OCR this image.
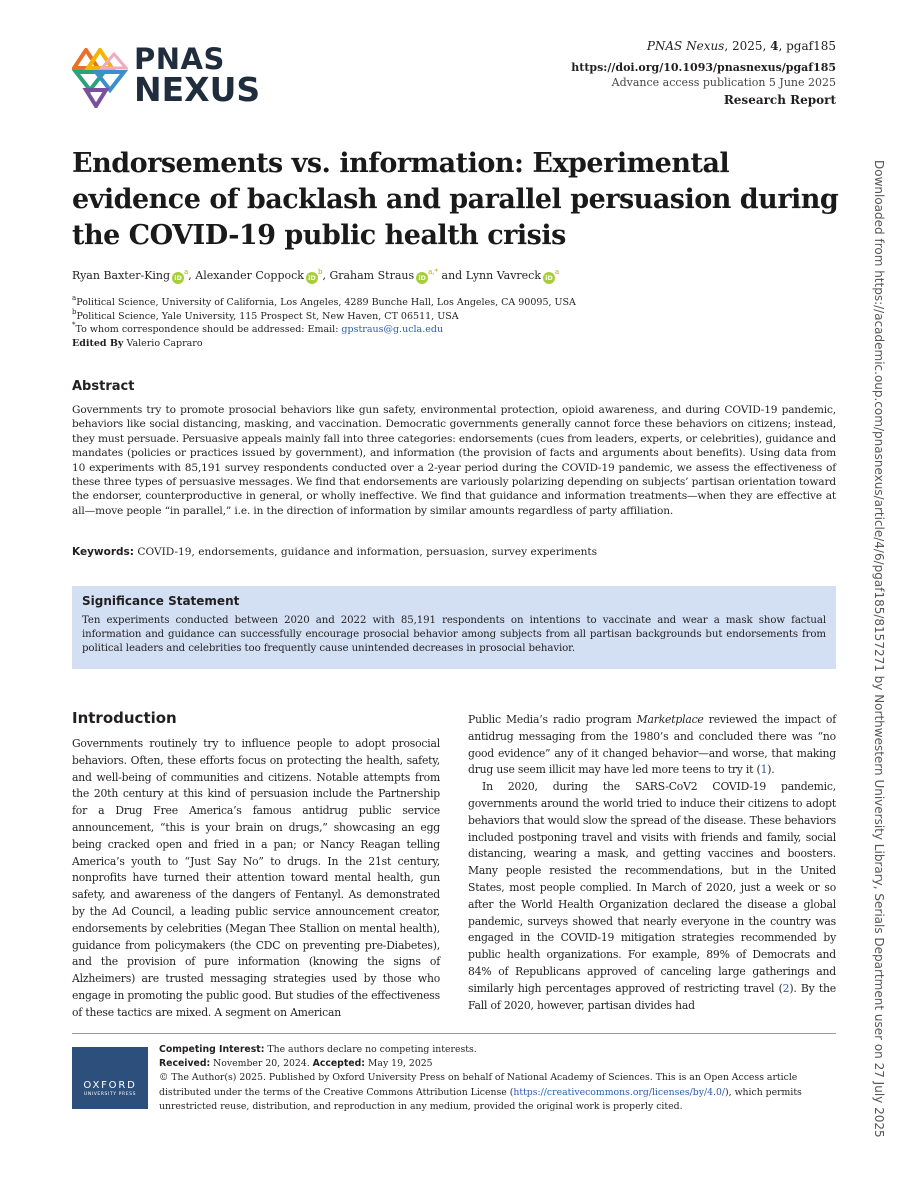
PNAS
NEXUS
PNAS Nexus, 2025, 4, pgaf185
https://doi.org/10.1093/pnasnexus/pgaf185
Advance access publication 5 June 2025
Research Report
Downloaded from https://academic.oup.com/pnasnexus/article/4/6/pgaf185/8157271 by Northwestern University Library, Serials Department user on 27 July 2025
Endorsements vs. information: Experimental evidence of backlash and parallel persuasion during the COVID-19 public health crisis
Ryan Baxter-King $iD^a$, Alexander Coppock $iD^b$, Graham Straus $iD^{a,*}$ and Lynn Vavreck $iD^a$
$^a$Political Science, University of California, Los Angeles, 4289 Bunche Hall, Los Angeles, CA 90095, USA
$^b$Political Science, Yale University, 115 Prospect St, New Haven, CT 06511, USA
*To whom correspondence should be addressed: Email: gpstraus@g.ucla.edu
Edited By Valerio Capraro
Abstract

Governments try to promote prosocial behaviors like gun safety, environmental protection, opioid awareness, and during COVID-19 pandemic, behaviors like social distancing, masking, and vaccination. Democratic governments generally cannot force these behaviors on citizens; instead, they must persuade. Persuasive appeals mainly fall into three categories: endorsements (cues from leaders, experts, or celebrities), guidance and mandates (policies or practices issued by government), and information (the provision of facts and arguments about benefits). Using data from 10 experiments with 85,191 survey respondents conducted over a 2-year period during the COVID-19 pandemic, we assess the effectiveness of these three types of persuasive messages. We find that endorsements are variously polarizing depending on subjects’ partisan orientation toward the endorser, counterproductive in general, or wholly ineffective. We find that guidance and information treatments—when they are effective at all—move people “in parallel,” i.e. in the direction of information by similar amounts regardless of party affiliation.

Keywords: COVID-19, endorsements, guidance and information, persuasion, survey experiments
Significance Statement
Ten experiments conducted between 2020 and 2022 with 85,191 respondents on intentions to vaccinate and wear a mask show factual information and guidance can successfully encourage prosocial behavior among subjects from all partisan backgrounds but endorsements from political leaders and celebrities too frequently cause unintended decreases in prosocial behavior.
Introduction

Governments routinely try to influence people to adopt prosocial behaviors. Often, these efforts focus on protecting the health, safety, and well-being of communities and citizens. Notable attempts from the 20th century at this kind of persuasion include the Partnership for a Drug Free America’s famous antidrug public service announcement, “this is your brain on drugs,” showcasing an egg being cracked open and fried in a pan; or Nancy Reagan telling America’s youth to “Just Say No” to drugs. In the 21st century, nonprofits have turned their attention toward mental health, gun safety, and awareness of the dangers of Fentanyl. As demonstrated by the Ad Council, a leading public service announcement creator, endorsements by celebrities (Megan Thee Stallion on mental health), guidance from policymakers (the CDC on preventing pre-Diabetes), and the provision of pure information (knowing the signs of Alzheimers) are trusted messaging strategies used by those who engage in promoting the public good. But studies of the effectiveness of these tactics are mixed. A segment on American

Public Media’s radio program Marketplace reviewed the impact of antidrug messaging from the 1980’s and concluded there was “no good evidence” any of it changed behavior—and worse, that making drug use seem illicit may have led more teens to try it (1).

In 2020, during the SARS-CoV2 COVID-19 pandemic, governments around the world tried to induce their citizens to adopt behaviors that would slow the spread of the disease. These behaviors included postponing travel and visits with friends and family, social distancing, wearing a mask, and getting vaccines and boosters. Many people resisted the recommendations, but in the United States, most people complied. In March of 2020, just a week or so after the World Health Organization declared the disease a global pandemic, surveys showed that nearly everyone in the country was engaged in the COVID-19 mitigation strategies recommended by public health organizations. For example, 89% of Democrats and 84% of Republicans approved of canceling large gatherings and similarly high percentages approved of restricting travel (2). By the Fall of 2020, however, partisan divides had

OXFORD
UNIVERSITY PRESS
Competing Interest: The authors declare no competing interests.
Received: November 20, 2024. Accepted: May 19, 2025
© The Author(s) 2025. Published by Oxford University Press on behalf of National Academy of Sciences. This is an Open Access article distributed under the terms of the Creative Commons Attribution License (https://creativecommons.org/licenses/by/4.0/), which permits unrestricted reuse, distribution, and reproduction in any medium, provided the original work is properly cited.
